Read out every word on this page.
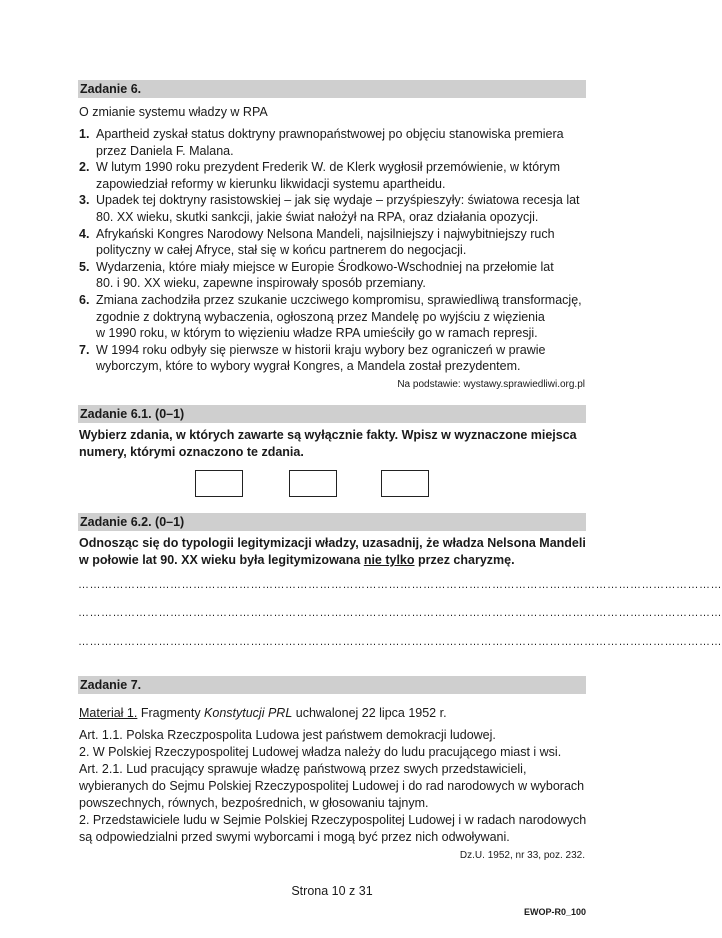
Zadanie 6.
O zmianie systemu władzy w RPA
1. Apartheid zyskał status doktryny prawnopaństwowej po objęciu stanowiska premiera
przez Daniela F. Malana.
2. W lutym 1990 roku prezydent Frederik W. de Klerk wygłosił przemówienie, w którym
zapowiedział reformy w kierunku likwidacji systemu apartheidu.
3. Upadek tej doktryny rasistowskiej – jak się wydaje – przyśpieszyły: światowa recesja lat
80. XX wieku, skutki sankcji, jakie świat nałożył na RPA, oraz działania opozycji.
4. Afrykański Kongres Narodowy Nelsona Mandeli, najsilniejszy i najwybitniejszy ruch
polityczny w całej Afryce, stał się w końcu partnerem do negocjacji.
5. Wydarzenia, które miały miejsce w Europie Środkowo-Wschodniej na przełomie lat
80. i 90. XX wieku, zapewne inspirowały sposób przemiany.
6. Zmiana zachodziła przez szukanie uczciwego kompromisu, sprawiedliwą transformację,
zgodnie z doktryną wybaczenia, ogłoszoną przez Mandelę po wyjściu z więzienia
w 1990 roku, w którym to więzieniu władze RPA umieściły go w ramach represji.
7. W 1994 roku odbyły się pierwsze w historii kraju wybory bez ograniczeń w prawie
wyborczym, które to wybory wygrał Kongres, a Mandela został prezydentem.
Na podstawie: wystawy.sprawiedliwi.org.pl
Zadanie 6.1. (0–1)
Wybierz zdania, w których zawarte są wyłącznie fakty. Wpisz w wyznaczone miejsca
numery, którymi oznaczono te zdania.
Zadanie 6.2. (0–1)
Odnosząc się do typologii legitymizacji władzy, uzasadnij, że władza Nelsona Mandeli
w połowie lat 90. XX wieku była legitymizowana nie tylko przez charyzmę.
……………………………………………………………………………………………………………………………………………………
……………………………………………………………………………………………………………………………………………………
……………………………………………………………………………………………………………………………………………………
Zadanie 7.
Materiał 1. Fragmenty Konstytucji PRL uchwalonej 22 lipca 1952 r.
Art. 1.1. Polska Rzeczpospolita Ludowa jest państwem demokracji ludowej.
2. W Polskiej Rzeczypospolitej Ludowej władza należy do ludu pracującego miast i wsi.
Art. 2.1. Lud pracujący sprawuje władzę państwową przez swych przedstawicieli,
wybieranych do Sejmu Polskiej Rzeczypospolitej Ludowej i do rad narodowych w wyborach
powszechnych, równych, bezpośrednich, w głosowaniu tajnym.
2. Przedstawiciele ludu w Sejmie Polskiej Rzeczypospolitej Ludowej i w radach narodowych
są odpowiedzialni przed swymi wyborcami i mogą być przez nich odwoływani.
Dz.U. 1952, nr 33, poz. 232.
Strona 10 z 31
EWOP-R0_100
